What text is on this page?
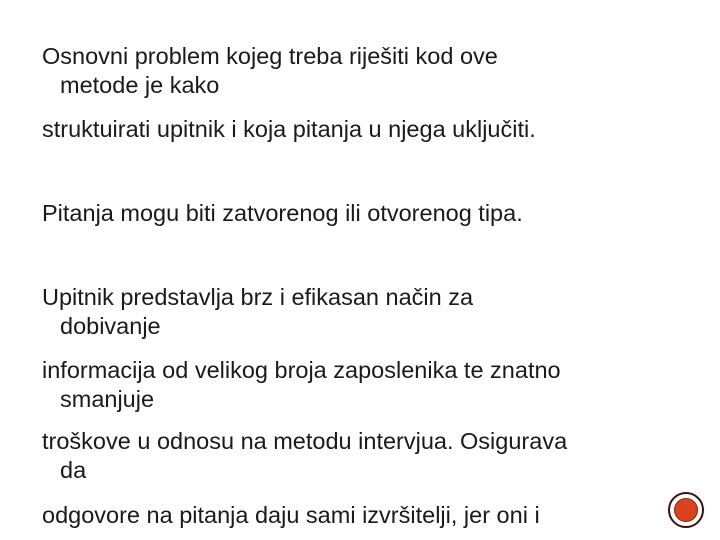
Osnovni problem kojeg treba riješiti kod ove
metode je kako

struktuirati upitnik i koja pitanja u njega uključiti.

Pitanja mogu biti zatvorenog ili otvorenog tipa.

Upitnik predstavlja brz i efikasan način za
dobivanje

informacija od velikog broja zaposlenika te znatno
smanjuje

troškove u odnosu na metodu intervjua. Osigurava
da

odgovore na pitanja daju sami izvršitelji, jer oni i
